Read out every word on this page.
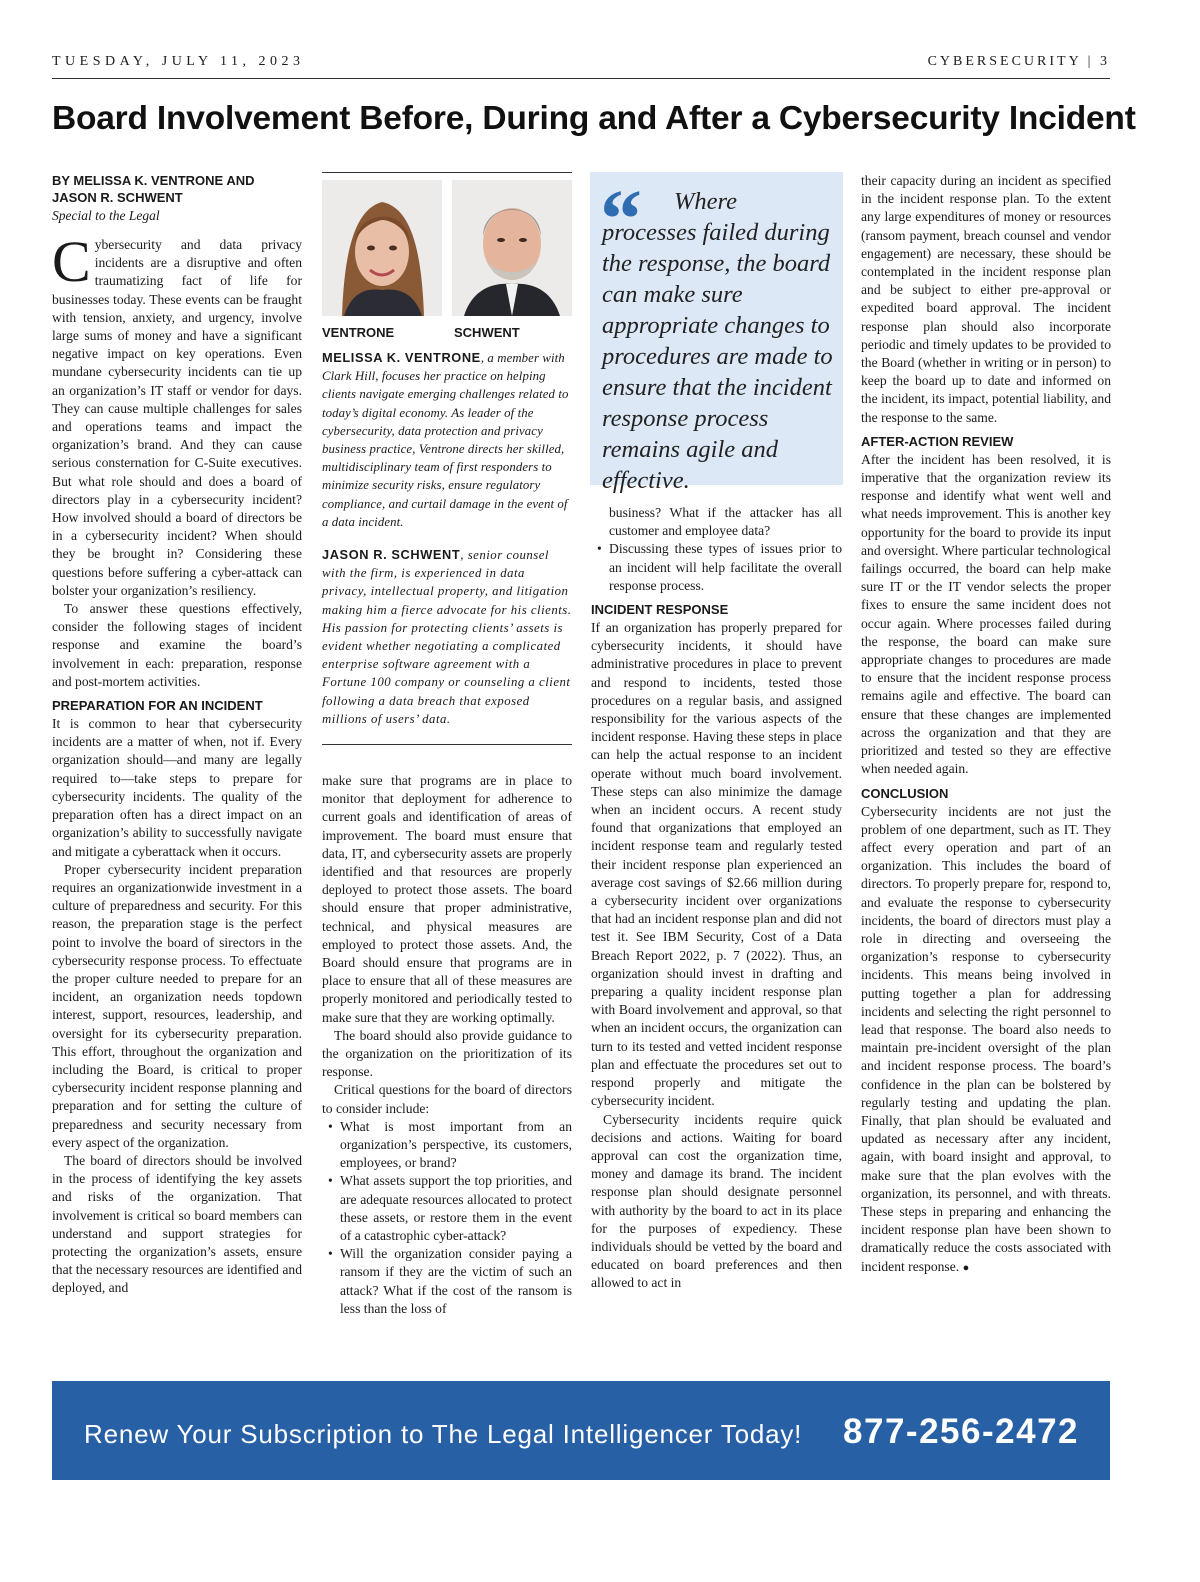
TUESDAY, JULY 11, 2023	CYBERSECURITY | 3
Board Involvement Before, During and After a Cybersecurity Incident
BY MELISSA K. VENTRONE AND
JASON R. SCHWENT
Special to the Legal

Cybersecurity and data privacy incidents are a disruptive and often traumatizing fact of life for businesses today. These events can be fraught with tension, anxiety, and urgency, involve large sums of money and have a significant negative impact on key operations. Even mundane cybersecurity incidents can tie up an organization’s IT staff or vendor for days. They can cause multiple challenges for sales and operations teams and impact the organization’s brand. And they can cause serious consternation for C-Suite executives. But what role should and does a board of directors play in a cybersecurity incident? How involved should a board of directors be in a cybersecurity incident? When should they be brought in? Considering these questions before suffering a cyber-attack can bolster your organization’s resiliency.

To answer these questions effectively, consider the following stages of incident response and examine the board’s involvement in each: preparation, response and post-mortem activities.

PREPARATION FOR AN INCIDENT

It is common to hear that cybersecurity incidents are a matter of when, not if. Every organization should—and many are legally required to—take steps to prepare for cybersecurity incidents. The quality of the preparation often has a direct impact on an organization’s ability to successfully navigate and mitigate a cyberattack when it occurs.

Proper cybersecurity incident preparation requires an organizationwide investment in a culture of preparedness and security. For this reason, the preparation stage is the perfect point to involve the board of sirectors in the cybersecurity response process. To effectuate the proper culture needed to prepare for an incident, an organization needs topdown interest, support, resources, leadership, and oversight for its cybersecurity preparation. This effort, throughout the organization and including the Board, is critical to proper cybersecurity incident response planning and preparation and for setting the culture of preparedness and security necessary from every aspect of the organization.

The board of directors should be involved in the process of identifying the key assets and risks of the organization. That involvement is critical so board members can understand and support strategies for protecting the organization’s assets, ensure that the necessary resources are identified and deployed, and

VENTRONE	SCHWENT

MELISSA K. VENTRONE, a member with Clark Hill, focuses her practice on helping clients navigate emerging challenges related to today’s digital economy. As leader of the cybersecurity, data protection and privacy business practice, Ventrone directs her skilled, multidisciplinary team of first responders to minimize security risks, ensure regulatory compliance, and curtail damage in the event of a data incident.

JASON R. SCHWENT, senior counsel with the firm, is experienced in data privacy, intellectual property, and litigation making him a fierce advocate for his clients. His passion for protecting clients’ assets is evident whether negotiating a complicated enterprise software agreement with a Fortune 100 company or counseling a client following a data breach that exposed millions of users’ data.

make sure that programs are in place to monitor that deployment for adherence to current goals and identification of areas of improvement. The board must ensure that data, IT, and cybersecurity assets are properly identified and that resources are properly deployed to protect those assets. The board should ensure that proper administrative, technical, and physical measures are employed to protect those assets. And, the Board should ensure that programs are in place to ensure that all of these measures are properly monitored and periodically tested to make sure that they are working optimally.

The board should also provide guidance to the organization on the prioritization of its response.

Critical questions for the board of directors to consider include:

• What is most important from an organization’s perspective, its customers, employees, or brand?
• What assets support the top priorities, and are adequate resources allocated to protect these assets, or restore them in the event of a catastrophic cyber-attack?
• Will the organization consider paying a ransom if they are the victim of such an attack? What if the cost of the ransom is less than the loss of
“	Where processes failed during the response, the board can make sure appropriate changes to procedures are made to ensure that the incident response process remains agile and effective.
business? What if the attacker has all customer and employee data?
• Discussing these types of issues prior to an incident will help facilitate the overall response process.
INCIDENT RESPONSE

If an organization has properly prepared for cybersecurity incidents, it should have administrative procedures in place to prevent and respond to incidents, tested those procedures on a regular basis, and assigned responsibility for the various aspects of the incident response. Having these steps in place can help the actual response to an incident operate without much board involvement. These steps can also minimize the damage when an incident occurs. A recent study found that organizations that employed an incident response team and regularly tested their incident response plan experienced an average cost savings of $2.66 million during a cybersecurity incident over organizations that had an incident response plan and did not test it. See IBM Security, Cost of a Data Breach Report 2022, p. 7 (2022). Thus, an organization should invest in drafting and preparing a quality incident response plan with Board involvement and approval, so that when an incident occurs, the organization can turn to its tested and vetted incident response plan and effectuate the procedures set out to respond properly and mitigate the cybersecurity incident.

Cybersecurity incidents require quick decisions and actions. Waiting for board approval can cost the organization time, money and damage its brand. The incident response plan should designate personnel with authority by the board to act in its place for the purposes of expediency. These individuals should be vetted by the board and educated on board preferences and then allowed to act in

their capacity during an incident as specified in the incident response plan. To the extent any large expenditures of money or resources (ransom payment, breach counsel and vendor engagement) are necessary, these should be contemplated in the incident response plan and be subject to either pre-approval or expedited board approval. The incident response plan should also incorporate periodic and timely updates to be provided to the Board (whether in writing or in person) to keep the board up to date and informed on the incident, its impact, potential liability, and the response to the same.

AFTER-ACTION REVIEW

After the incident has been resolved, it is imperative that the organization review its response and identify what went well and what needs improvement. This is another key opportunity for the board to provide its input and oversight. Where particular technological failings occurred, the board can help make sure IT or the IT vendor selects the proper fixes to ensure the same incident does not occur again. Where processes failed during the response, the board can make sure appropriate changes to procedures are made to ensure that the incident response process remains agile and effective. The board can ensure that these changes are implemented across the organization and that they are prioritized and tested so they are effective when needed again.

CONCLUSION

Cybersecurity incidents are not just the problem of one department, such as IT. They affect every operation and part of an organization. This includes the board of directors. To properly prepare for, respond to, and evaluate the response to cybersecurity incidents, the board of directors must play a role in directing and overseeing the organization’s response to cybersecurity incidents. This means being involved in putting together a plan for addressing incidents and selecting the right personnel to lead that response. The board also needs to maintain pre-incident oversight of the plan and incident response process. The board’s confidence in the plan can be bolstered by regularly testing and updating the plan. Finally, that plan should be evaluated and updated as necessary after any incident, again, with board insight and approval, to make sure that the plan evolves with the organization, its personnel, and with threats. These steps in preparing and enhancing the incident response plan have been shown to dramatically reduce the costs associated with incident response. ●

Renew Your Subscription to The Legal Intelligencer Today! 877-256-2472
